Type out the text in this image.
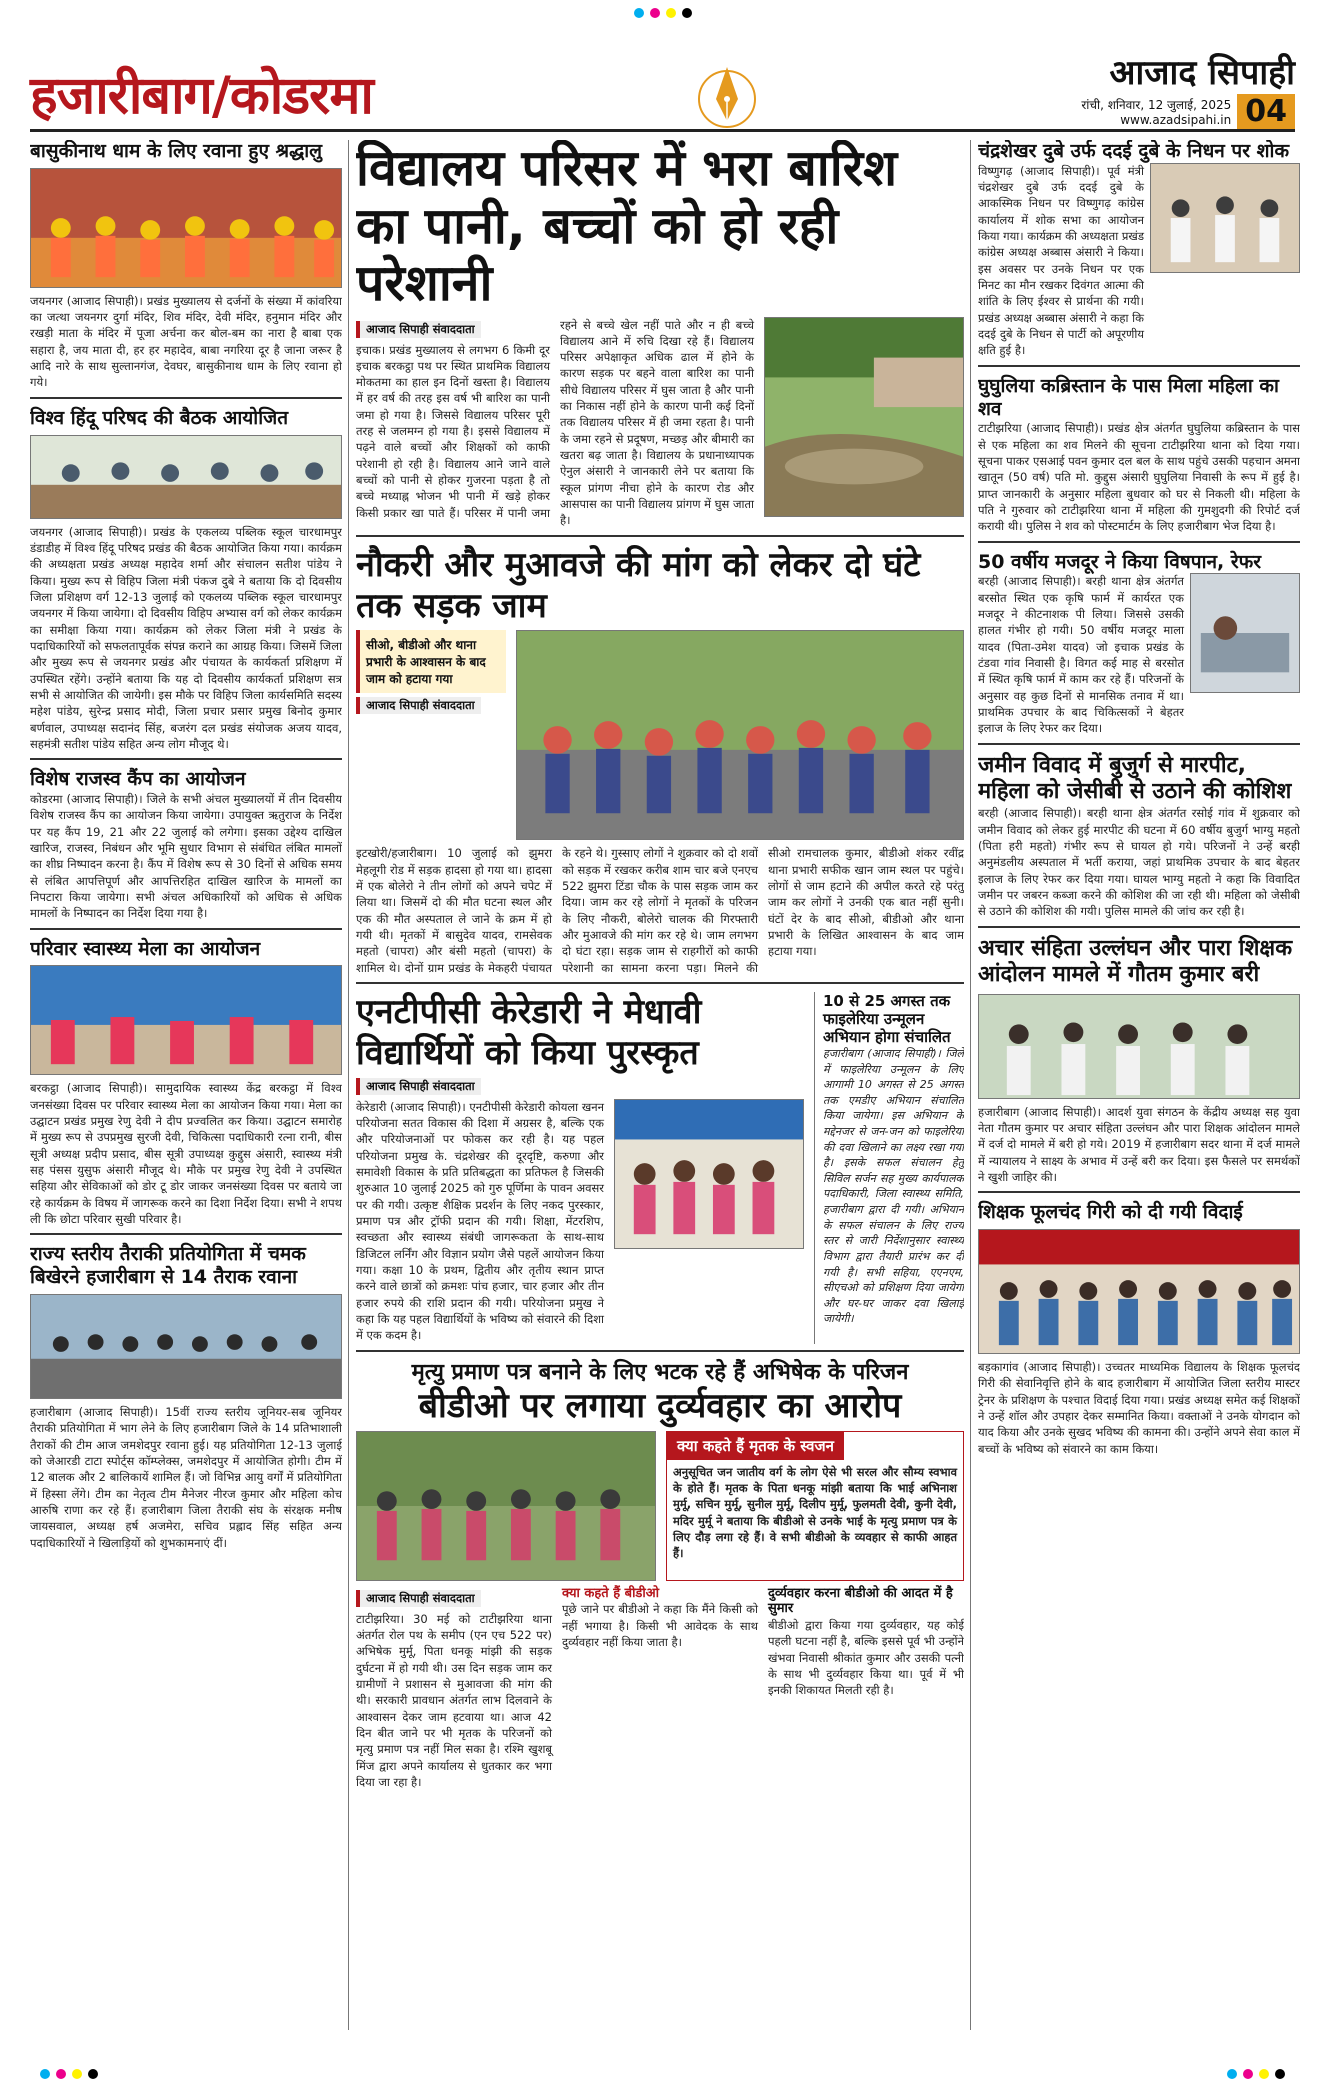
हजारीबाग/कोडरमा	आजाद सिपाही
रांची, शनिवार, 12 जुलाई, 2025
www.azadsipahi.in 04
बासुकीनाथ धाम के लिए रवाना हुए श्रद्धालु
जयनगर (आजाद सिपाही)। प्रखंड मुख्यालय से दर्जनों के संख्या में कांवरिया का जत्था जयनगर दुर्गा मंदिर, शिव मंदिर, देवी मंदिर, हनुमान मंदिर और रखड़ी माता के मंदिर में पूजा अर्चना कर बोल-बम का नारा है बाबा एक सहारा है, जय माता दी, हर हर महादेव, बाबा नगरिया दूर है जाना जरूर है आदि नारे के साथ सुल्तानगंज, देवघर, बासुकीनाथ धाम के लिए रवाना हो गये।
विश्व हिंदू परिषद की बैठक आयोजित
जयनगर (आजाद सिपाही)। प्रखंड के एकलव्य पब्लिक स्कूल चारधामपुर डंडाडीह में विश्व हिंदू परिषद प्रखंड की बैठक आयोजित किया गया। कार्यक्रम की अध्यक्षता प्रखंड अध्यक्ष महादेव शर्मा और संचालन सतीश पांडेय ने किया। मुख्य रूप से विहिप जिला मंत्री पंकज दुबे ने बताया कि दो दिवसीय जिला प्रशिक्षण वर्ग 12-13 जुलाई को एकलव्य पब्लिक स्कूल चारधामपुर जयनगर में किया जायेगा। दो दिवसीय विहिप अभ्यास वर्ग को लेकर कार्यक्रम का समीक्षा किया गया। कार्यक्रम को लेकर जिला मंत्री ने प्रखंड के पदाधिकारियों को सफलतापूर्वक संपन्न कराने का आग्रह किया। जिसमें जिला और मुख्य रूप से जयनगर प्रखंड और पंचायत के कार्यकर्ता प्रशिक्षण में उपस्थित रहेंगे। उन्होंने बताया कि यह दो दिवसीय कार्यकर्ता प्रशिक्षण सत्र सभी से आयोजित की जायेगी। इस मौके पर विहिप जिला कार्यसमिति सदस्य महेश पांडेय, सुरेन्द्र प्रसाद मोदी, जिला प्रचार प्रसार प्रमुख बिनोद कुमार बर्णवाल, उपाध्यक्ष सदानंद सिंह, बजरंग दल प्रखंड संयोजक अजय यादव, सहमंत्री सतीश पांडेय सहित अन्य लोग मौजूद थे।
विशेष राजस्व कैंप का आयोजन
कोडरमा (आजाद सिपाही)। जिले के सभी अंचल मुख्यालयों में तीन दिवसीय विशेष राजस्व कैंप का आयोजन किया जायेगा। उपायुक्त ऋतुराज के निर्देश पर यह कैंप 19, 21 और 22 जुलाई को लगेगा। इसका उद्देश्य दाखिल खारिज, राजस्व, निबंधन और भूमि सुधार विभाग से संबंधित लंबित मामलों का शीघ्र निष्पादन करना है। कैंप में विशेष रूप से 30 दिनों से अधिक समय से लंबित आपत्तिपूर्ण और आपत्तिरहित दाखिल खारिज के मामलों का निपटारा किया जायेगा। सभी अंचल अधिकारियों को अधिक से अधिक मामलों के निष्पादन का निर्देश दिया गया है।
परिवार स्वास्थ्य मेला का आयोजन
बरकट्ठा (आजाद सिपाही)। सामुदायिक स्वास्थ्य केंद्र बरकट्ठा में विश्व जनसंख्या दिवस पर परिवार स्वास्थ्य मेला का आयोजन किया गया। मेला का उद्घाटन प्रखंड प्रमुख रेणु देवी ने दीप प्रज्वलित कर किया। उद्घाटन समारोह में मुख्य रूप से उपप्रमुख सुरजी देवी, चिकित्सा पदाधिकारी रत्ना रानी, बीस सूत्री अध्यक्ष प्रदीप प्रसाद, बीस सूत्री उपाध्यक्ष कुद्दुस अंसारी, स्वास्थ्य मंत्री सह पंसस युसुफ अंसारी मौजूद थे। मौके पर प्रमुख रेणु देवी ने उपस्थित सहिया और सेविकाओं को डोर टू डोर जाकर जनसंख्या दिवस पर बताये जा रहे कार्यक्रम के विषय में जागरूक करने का दिशा निर्देश दिया। सभी ने शपथ ली कि छोटा परिवार सुखी परिवार है।
राज्य स्तरीय तैराकी प्रतियोगिता में चमक बिखेरने हजारीबाग से 14 तैराक रवाना
हजारीबाग (आजाद सिपाही)। 15वीं राज्य स्तरीय जूनियर-सब जूनियर तैराकी प्रतियोगिता में भाग लेने के लिए हजारीबाग जिले के 14 प्रतिभाशाली तैराकों की टीम आज जमशेदपुर रवाना हुई। यह प्रतियोगिता 12-13 जुलाई को जेआरडी टाटा स्पोर्ट्स कॉम्प्लेक्स, जमशेदपुर में आयोजित होगी। टीम में 12 बालक और 2 बालिकायें शामिल हैं। जो विभिन्न आयु वर्गों में प्रतियोगिता में हिस्सा लेंगे। टीम का नेतृत्व टीम मैनेजर नीरज कुमार और महिला कोच आरुषि राणा कर रहे हैं। हजारीबाग जिला तैराकी संघ के संरक्षक मनीष जायसवाल, अध्यक्ष हर्ष अजमेरा, सचिव प्रह्लाद सिंह सहित अन्य पदाधिकारियों ने खिलाड़ियों को शुभकामनाएं दीं।
विद्यालय परिसर में भरा बारिश का पानी, बच्चों को हो रही परेशानी
आजाद सिपाही संवाददाता
इचाक। प्रखंड मुख्यालय से लगभग 6 किमी दूर इचाक बरकट्ठा पथ पर स्थित प्राथमिक विद्यालय मोकतमा का हाल इन दिनों खस्ता है। विद्यालय में हर वर्ष की तरह इस वर्ष भी बारिश का पानी जमा हो गया है। जिससे विद्यालय परिसर पूरी तरह से जलमग्न हो गया है। इससे विद्यालय में पढ़ने वाले बच्चों और शिक्षकों को काफी परेशानी हो रही है। विद्यालय आने जाने वाले बच्चों को पानी से होकर गुजरना पड़ता है तो बच्चे मध्याह्न भोजन भी पानी में खड़े होकर किसी प्रकार खा पाते हैं। परिसर में पानी जमा रहने से बच्चे खेल नहीं पाते और न ही बच्चे विद्यालय आने में रुचि दिखा रहे हैं। विद्यालय परिसर अपेक्षाकृत अधिक ढाल में होने के कारण सड़क पर बहने वाला बारिश का पानी सीधे विद्यालय परिसर में घुस जाता है और पानी का निकास नहीं होने के कारण पानी कई दिनों तक विद्यालय परिसर में ही जमा रहता है। पानी के जमा रहने से प्रदूषण, मच्छड़ और बीमारी का खतरा बढ़ जाता है। विद्यालय के प्रधानाध्यापक ऐनुल अंसारी ने जानकारी लेने पर बताया कि स्कूल प्रांगण नीचा होने के कारण रोड और आसपास का पानी विद्यालय प्रांगण में घुस जाता है।
नौकरी और मुआवजे की मांग को लेकर दो घंटे तक सड़क जाम
सीओ, बीडीओ और थाना प्रभारी के आश्वासन के बाद जाम को हटाया गया
आजाद सिपाही संवाददाता
इटखोरी/हजारीबाग। 10 जुलाई को झुमरा मेहलूगी रोड में सड़क हादसा हो गया था। हादसा में एक बोलेरो ने तीन लोगों को अपने चपेट में लिया था। जिसमें दो की मौत घटना स्थल और एक की मौत अस्पताल ले जाने के क्रम में हो गयी थी। मृतकों में बासुदेव यादव, रामसेवक महतो (चापरा) और बंसी महतो (चापरा) के शामिल थे। दोनों ग्राम प्रखंड के मेकहरी पंचायत के रहने थे। गुस्साए लोगों ने शुक्रवार को दो शवों को सड़क में रखकर करीब शाम चार बजे एनएच 522 झुमरा टिंडा चौक के पास सड़क जाम कर दिया। जाम कर रहे लोगों ने मृतकों के परिजन के लिए नौकरी, बोलेरो चालक की गिरफ्तारी और मुआवजे की मांग कर रहे थे। जाम लगभग दो घंटा रहा। सड़क जाम से राहगीरों को काफी परेशानी का सामना करना पड़ा। मिलने की सीओ रामचालक कुमार, बीडीओ शंकर रवींद्र थाना प्रभारी सफीक खान जाम स्थल पर पहुंचे। लोगों से जाम हटाने की अपील करते रहे परंतु जाम कर लोगों ने उनकी एक बात नहीं सुनी। घंटों देर के बाद सीओ, बीडीओ और थाना प्रभारी के लिखित आश्वासन के बाद जाम हटाया गया।
एनटीपीसी केरेडारी ने मेधावी विद्यार्थियों को किया पुरस्कृत
आजाद सिपाही संवाददाता
केरेडारी (आजाद सिपाही)। एनटीपीसी केरेडारी कोयला खनन परियोजना सतत विकास की दिशा में अग्रसर है, बल्कि एक और परियोजनाओं पर फोकस कर रही है। यह पहल परियोजना प्रमुख के. चंद्रशेखर की दूरदृष्टि, करुणा और समावेशी विकास के प्रति प्रतिबद्धता का प्रतिफल है जिसकी शुरुआत 10 जुलाई 2025 को गुरु पूर्णिमा के पावन अवसर पर की गयी। उत्कृष्ट शैक्षिक प्रदर्शन के लिए नकद पुरस्कार, प्रमाण पत्र और ट्रॉफी प्रदान की गयी। शिक्षा, मेंटरशिप, स्वच्छता और स्वास्थ्य संबंधी जागरूकता के साथ-साथ डिजिटल लर्निंग और विज्ञान प्रयोग जैसे पहलें आयोजन किया गया। कक्षा 10 के प्रथम, द्वितीय और तृतीय स्थान प्राप्त करने वाले छात्रों को क्रमशः पांच हजार, चार हजार और तीन हजार रुपये की राशि प्रदान की गयी। परियोजना प्रमुख ने कहा कि यह पहल विद्यार्थियों के भविष्य को संवारने की दिशा में एक कदम है।
10 से 25 अगस्त तक फाइलेरिया उन्मूलन अभियान होगा संचालित
हजारीबाग (आजाद सिपाही)। जिले में फाइलेरिया उन्मूलन के लिए आगामी 10 अगस्त से 25 अगस्त तक एमडीए अभियान संचालित किया जायेगा। इस अभियान के मद्देनजर से जन-जन को फाइलेरिया की दवा खिलाने का लक्ष्य रखा गया है। इसके सफल संचालन हेतु सिविल सर्जन सह मुख्य कार्यपालक पदाधिकारी, जिला स्वास्थ्य समिति, हजारीबाग द्वारा दी गयी। अभियान के सफल संचालन के लिए राज्य स्तर से जारी निर्देशानुसार स्वास्थ्य विभाग द्वारा तैयारी प्रारंभ कर दी गयी है। सभी सहिया, एएनएम, सीएचओ को प्रशिक्षण दिया जायेगा और घर-घर जाकर दवा खिलाई जायेगी।
मृत्यु प्रमाण पत्र बनाने के लिए भटक रहे हैं अभिषेक के परिजन
बीडीओ पर लगाया दुर्व्यवहार का आरोप
क्या कहते हैं मृतक के स्वजन
अनुसूचित जन जातीय वर्ग के लोग ऐसे भी सरल और सौम्य स्वभाव के होते हैं। मृतक के पिता धनकू मांझी बताया कि भाई अभिनाश मुर्मू, सचिन मुर्मू, सुनील मुर्मू, दिलीप मुर्मू, फुलमती देवी, कुनी देवी, मदिर मुर्मू ने बताया कि बीडीओ से उनके भाई के मृत्यु प्रमाण पत्र के लिए दौड़ लगा रहे हैं। वे सभी बीडीओ के व्यवहार से काफी आहत हैं।
आजाद सिपाही संवाददाता
टाटीझरिया। 30 मई को टाटीझरिया थाना अंतर्गत रोल पथ के समीप (एन एच 522 पर) अभिषेक मुर्मू, पिता धनकू मांझी की सड़क दुर्घटना में हो गयी थी। उस दिन सड़क जाम कर ग्रामीणों ने प्रशासन से मुआवजा की मांग की थी। सरकारी प्रावधान अंतर्गत लाभ दिलवाने के आश्वासन देकर जाम हटवाया था। आज 42 दिन बीत जाने पर भी मृतक के परिजनों को मृत्यु प्रमाण पत्र नहीं मिल सका है। रश्मि खुशबू मिंज द्वारा अपने कार्यालय से धुतकार कर भगा दिया जा रहा है।
क्या कहते हैं बीडीओ
पूछे जाने पर बीडीओ ने कहा कि मैंने किसी को नहीं भगाया है। किसी भी आवेदक के साथ दुर्व्यवहार नहीं किया जाता है।
दुर्व्यवहार करना बीडीओ की आदत में है सुमार
बीडीओ द्वारा किया गया दुर्व्यवहार, यह कोई पहली घटना नहीं है, बल्कि इससे पूर्व भी उन्होंने खंभवा निवासी श्रीकांत कुमार और उसकी पत्नी के साथ भी दुर्व्यवहार किया था। पूर्व में भी इनकी शिकायत मिलती रही है।
चंद्रशेखर दुबे उर्फ ददई दुबे के निधन पर शोक
विष्णुगढ़ (आजाद सिपाही)। पूर्व मंत्री चंद्रशेखर दुबे उर्फ ददई दुबे के आकस्मिक निधन पर विष्णुगढ़ कांग्रेस कार्यालय में शोक सभा का आयोजन किया गया। कार्यक्रम की अध्यक्षता प्रखंड कांग्रेस अध्यक्ष अब्बास अंसारी ने किया। इस अवसर पर उनके निधन पर एक मिनट का मौन रखकर दिवंगत आत्मा की शांति के लिए ईश्वर से प्रार्थना की गयी। प्रखंड अध्यक्ष अब्बास अंसारी ने कहा कि ददई दुबे के निधन से पार्टी को अपूरणीय क्षति हुई है।
घुघुलिया कब्रिस्तान के पास मिला महिला का शव
टाटीझरिया (आजाद सिपाही)। प्रखंड क्षेत्र अंतर्गत घुघुलिया कब्रिस्तान के पास से एक महिला का शव मिलने की सूचना टाटीझरिया थाना को दिया गया। सूचना पाकर एसआई पवन कुमार दल बल के साथ पहुंचे उसकी पहचान अमना खातून (50 वर्ष) पति मो. कुद्दुस अंसारी घुघुलिया निवासी के रूप में हुई है। प्राप्त जानकारी के अनुसार महिला बुधवार को घर से निकली थी। महिला के पति ने गुरुवार को टाटीझरिया थाना में महिला की गुमशुदगी की रिपोर्ट दर्ज करायी थी। पुलिस ने शव को पोस्टमार्टम के लिए हजारीबाग भेज दिया है।
50 वर्षीय मजदूर ने किया विषपान, रेफर
बरही (आजाद सिपाही)। बरही थाना क्षेत्र अंतर्गत बरसोत स्थित एक कृषि फार्म में कार्यरत एक मजदूर ने कीटनाशक पी लिया। जिससे उसकी हालत गंभीर हो गयी। 50 वर्षीय मजदूर माला यादव (पिता-उमेश यादव) जो इचाक प्रखंड के टंडवा गांव निवासी है। विगत कई माह से बरसोत में स्थित कृषि फार्म में काम कर रहे हैं। परिजनों के अनुसार वह कुछ दिनों से मानसिक तनाव में था। प्राथमिक उपचार के बाद चिकित्सकों ने बेहतर इलाज के लिए रेफर कर दिया।
जमीन विवाद में बुजुर्ग से मारपीट, महिला को जेसीबी से उठाने की कोशिश
बरही (आजाद सिपाही)। बरही थाना क्षेत्र अंतर्गत रसोई गांव में शुक्रवार को जमीन विवाद को लेकर हुई मारपीट की घटना में 60 वर्षीय बुजुर्ग भाग्यु महतो (पिता हरी महतो) गंभीर रूप से घायल हो गये। परिजनों ने उन्हें बरही अनुमंडलीय अस्पताल में भर्ती कराया, जहां प्राथमिक उपचार के बाद बेहतर इलाज के लिए रेफर कर दिया गया। घायल भाग्यु महतो ने कहा कि विवादित जमीन पर जबरन कब्जा करने की कोशिश की जा रही थी। महिला को जेसीबी से उठाने की कोशिश की गयी। पुलिस मामले की जांच कर रही है।
अचार संहिता उल्लंघन और पारा शिक्षक आंदोलन मामले में गौतम कुमार बरी
हजारीबाग (आजाद सिपाही)। आदर्श युवा संगठन के केंद्रीय अध्यक्ष सह युवा नेता गौतम कुमार पर अचार संहिता उल्लंघन और पारा शिक्षक आंदोलन मामले में दर्ज दो मामले में बरी हो गये। 2019 में हजारीबाग सदर थाना में दर्ज मामले में न्यायालय ने साक्ष्य के अभाव में उन्हें बरी कर दिया। इस फैसले पर समर्थकों ने खुशी जाहिर की।
शिक्षक फूलचंद गिरी को दी गयी विदाई
बड़कागांव (आजाद सिपाही)। उच्चतर माध्यमिक विद्यालय के शिक्षक फूलचंद गिरी की सेवानिवृत्ति होने के बाद हजारीबाग में आयोजित जिला स्तरीय मास्टर ट्रेनर के प्रशिक्षण के पश्चात विदाई दिया गया। प्रखंड अध्यक्ष समेत कई शिक्षकों ने उन्हें शॉल और उपहार देकर सम्मानित किया। वक्ताओं ने उनके योगदान को याद किया और उनके सुखद भविष्य की कामना की। उन्होंने अपने सेवा काल में बच्चों के भविष्य को संवारने का काम किया।
